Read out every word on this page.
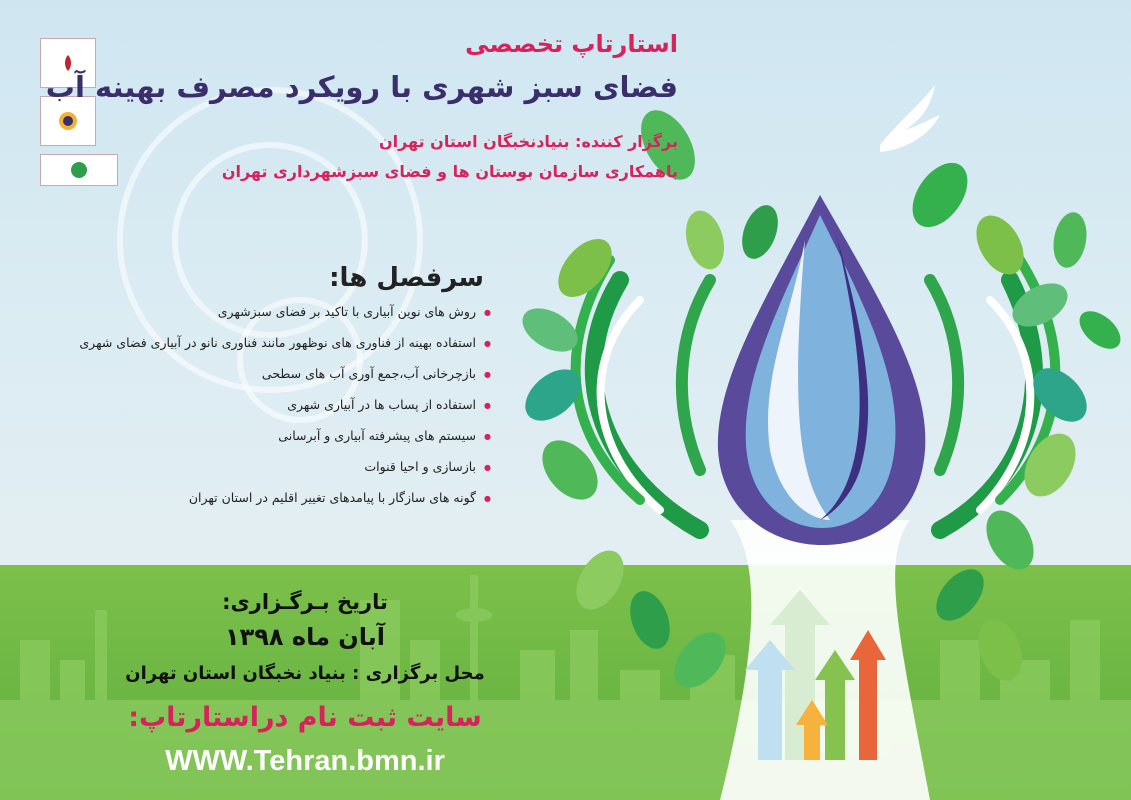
استارتاپ تخصصی
فضای سبز شهری با رویکرد مصرف بهینه آب
برگزار کننده: بنیادنخبگان استان تهران
باهمکاری سازمان بوستان ها و فضای سبزشهرداری تهران
سرفصل ها:
● روش های نوین آبیاری با تاکید بر فضای سبزشهری
● استفاده بهینه از فناوری های نوظهور مانند فناوری نانو در آبیاری فضای شهری
● بازچرخانی آب،جمع آوری آب های سطحی
● استفاده از پساب ها در آبیاری شهری
● سیستم های پیشرفته آبیاری و آبرسانی
● بازسازی و احیا قنوات
● گونه های سازگار با پیامدهای تغییر اقلیم در استان تهران
تاریخ بـرگـزاری:
آبان ماه ۱۳۹۸
محل برگزاری : بنیاد نخبگان استان تهران
سایت ثبت نام دراستارتاپ:
WWW.Tehran.bmn.ir
